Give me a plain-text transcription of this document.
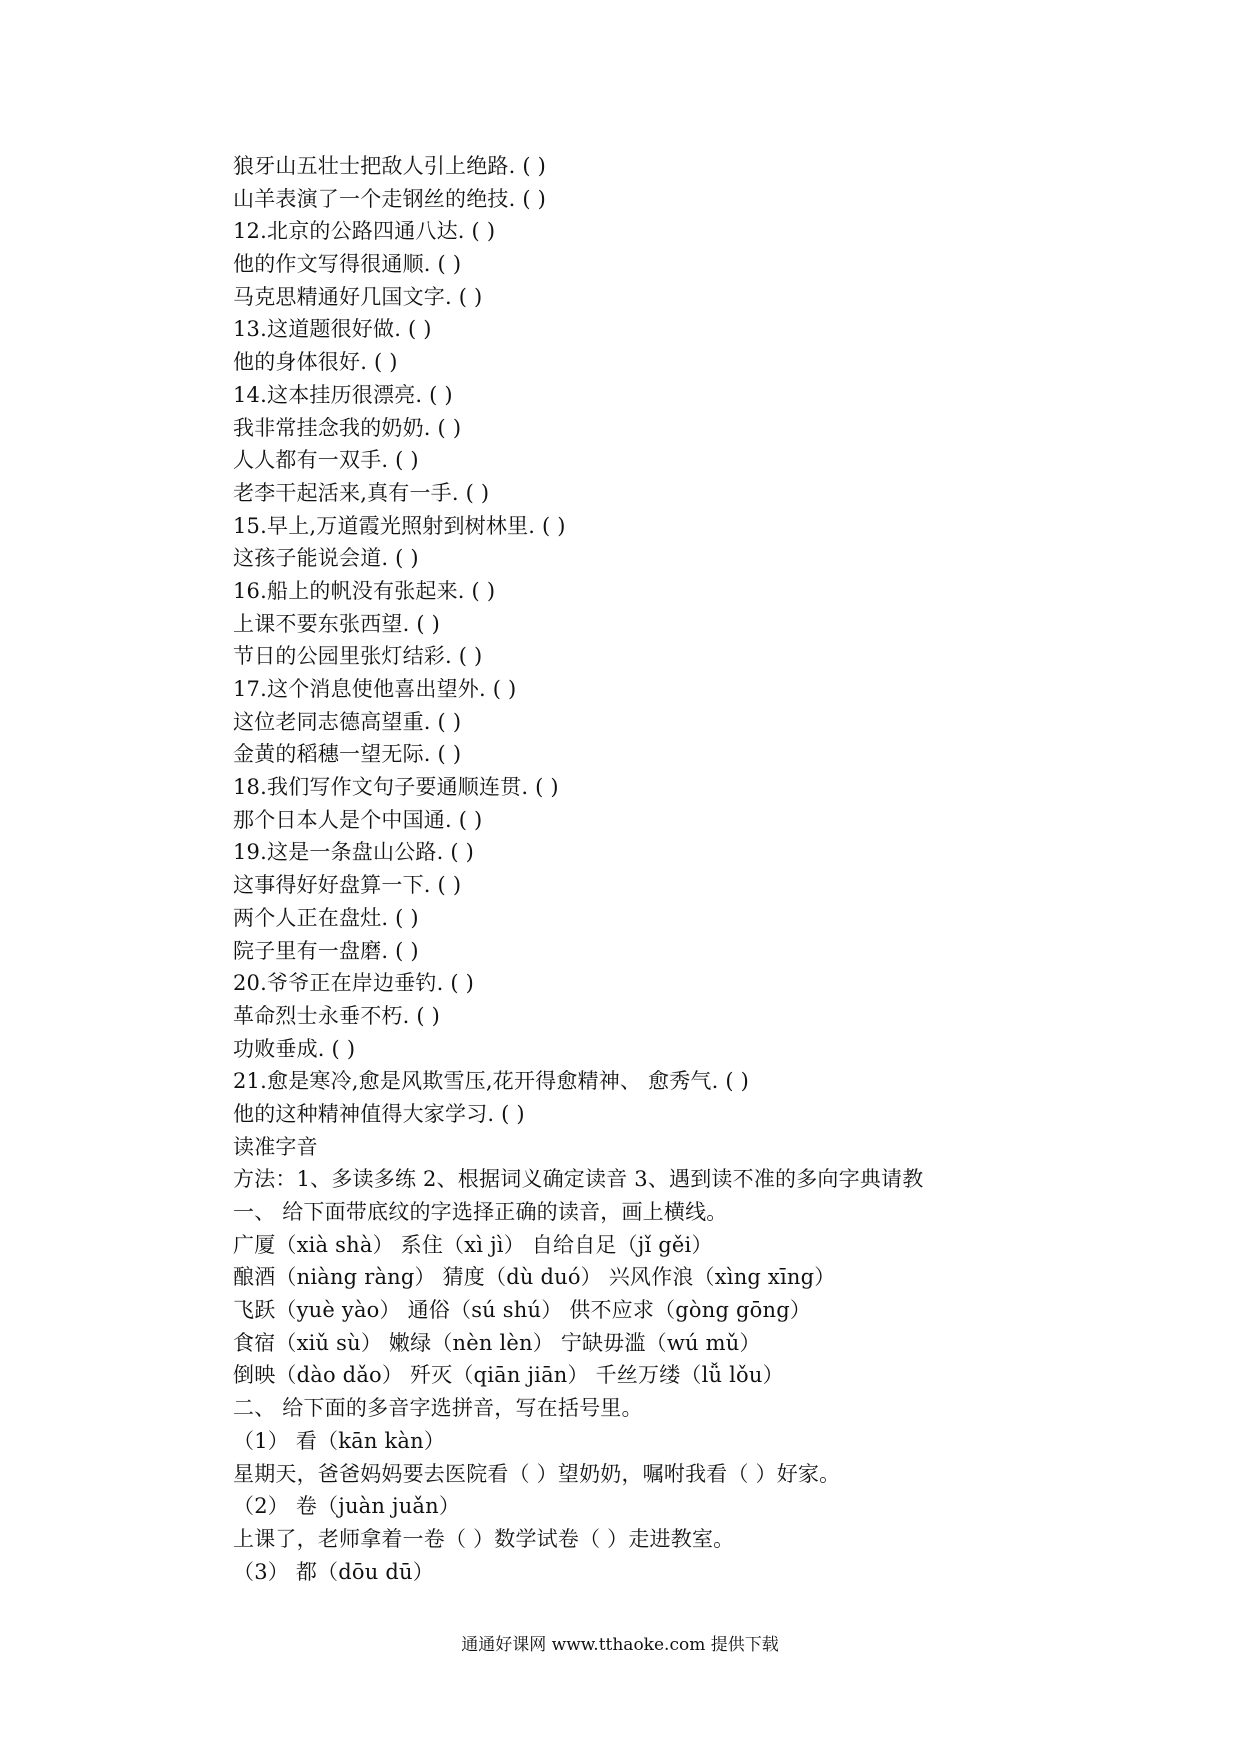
狼牙山五壮士把敌人引上绝路. ( )
山羊表演了一个走钢丝的绝技. ( )
12.北京的公路四通八达. ( )
他的作文写得很通顺. ( )
马克思精通好几国文字. ( )
13.这道题很好做. ( )
他的身体很好. ( )
14.这本挂历很漂亮. ( )
我非常挂念我的奶奶. ( )
人人都有一双手. ( )
老李干起活来,真有一手. ( )
15.早上,万道霞光照射到树林里. ( )
这孩子能说会道. ( )
16.船上的帆没有张起来. ( )
上课不要东张西望. ( )
节日的公园里张灯结彩. ( )
17.这个消息使他喜出望外. ( )
这位老同志德高望重. ( )
金黄的稻穗一望无际. ( )
18.我们写作文句子要通顺连贯. ( )
那个日本人是个中国通. ( )
19.这是一条盘山公路. ( )
这事得好好盘算一下. ( )
两个人正在盘灶. ( )
院子里有一盘磨. ( )
20.爷爷正在岸边垂钓. ( )
革命烈士永垂不朽. ( )
功败垂成. ( )
21.愈是寒冷,愈是风欺雪压,花开得愈精神、 愈秀气. ( )
他的这种精神值得大家学习. ( )
读准字音
方法：1、多读多练 2、根据词义确定读音 3、遇到读不准的多向字典请教
一、 给下面带底纹的字选择正确的读音，画上横线。
广厦（xià shà） 系住（xì jì） 自给自足（jǐ gěi）
酿酒（niàng ràng） 猜度（dù duó） 兴风作浪（xìng xīng）
飞跃（yuè yào） 通俗（sú shú） 供不应求（gòng gōng）
食宿（xiǔ sù） 嫩绿（nèn lèn） 宁缺毋滥（wú mǔ）
倒映（dào dǎo） 歼灭（qiān jiān） 千丝万缕（lǚ lǒu）
二、 给下面的多音字选拼音，写在括号里。
（1） 看（kān kàn）
星期天，爸爸妈妈要去医院看（ ）望奶奶，嘱咐我看（ ）好家。
（2） 卷（juàn juǎn）
上课了，老师拿着一卷（ ）数学试卷（ ）走进教室。
（3） 都（dōu dū）
通通好课网 www.tthaoke.com 提供下载
